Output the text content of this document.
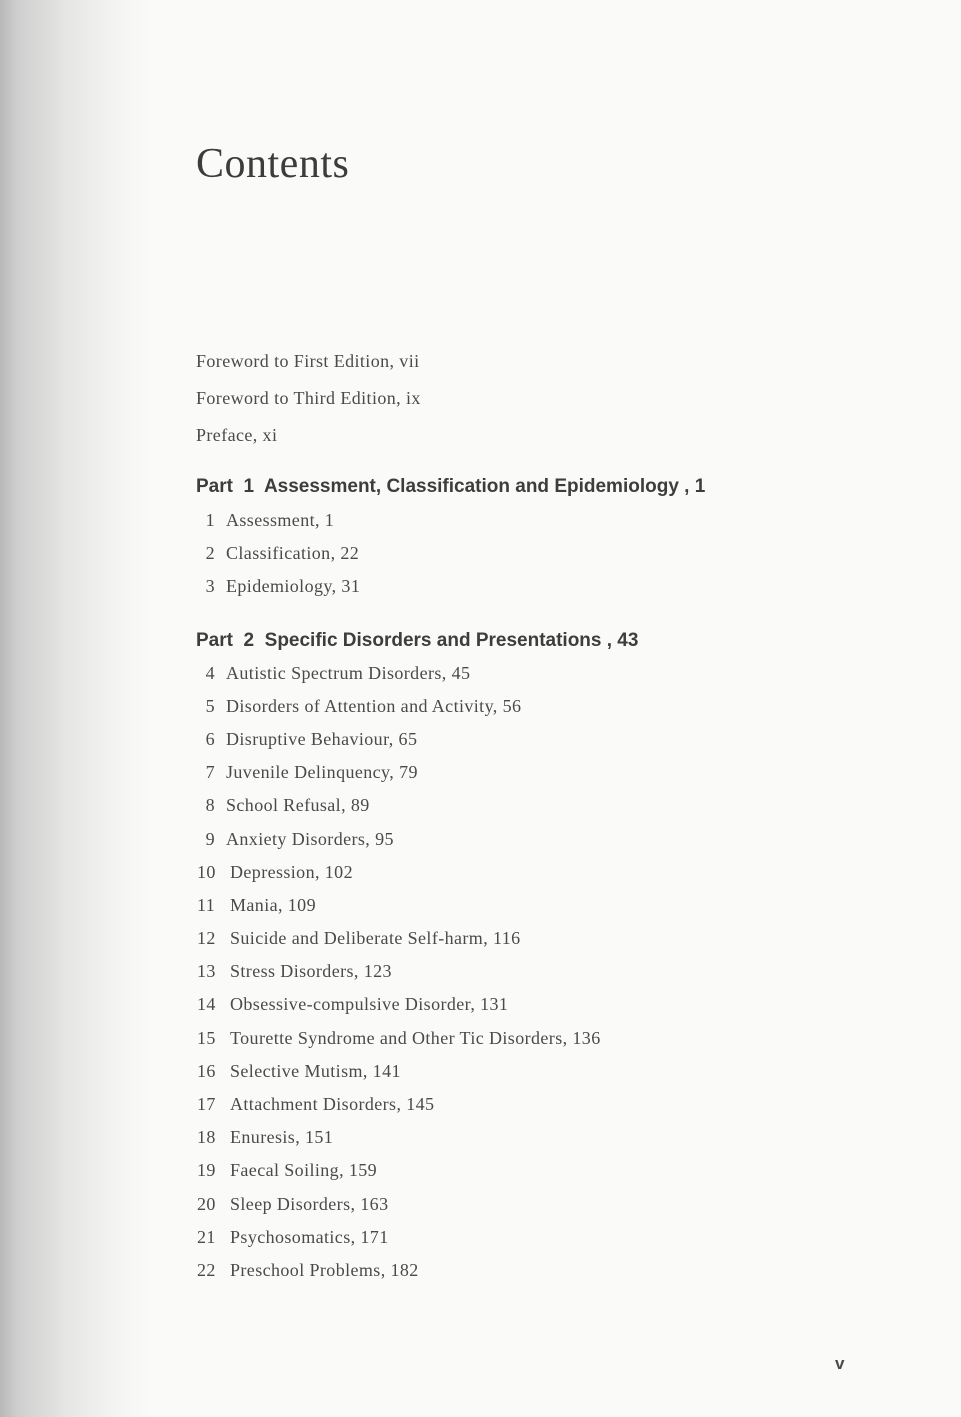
Contents
Foreword to First Edition, vii
Foreword to Third Edition, ix
Preface, xi
Part  1  Assessment, Classification and Epidemiology , 1
1 Assessment, 1
2 Classification, 22
3 Epidemiology, 31
Part  2  Specific Disorders and Presentations , 43
4 Autistic Spectrum Disorders, 45
5 Disorders of Attention and Activity, 56
6 Disruptive Behaviour, 65
7 Juvenile Delinquency, 79
8 School Refusal, 89
9 Anxiety Disorders, 95
10 Depression, 102
11 Mania, 109
12 Suicide and Deliberate Self-harm, 116
13 Stress Disorders, 123
14 Obsessive-compulsive Disorder, 131
15 Tourette Syndrome and Other Tic Disorders, 136
16 Selective Mutism, 141
17 Attachment Disorders, 145
18 Enuresis, 151
19 Faecal Soiling, 159
20 Sleep Disorders, 163
21 Psychosomatics, 171
22 Preschool Problems, 182
v
